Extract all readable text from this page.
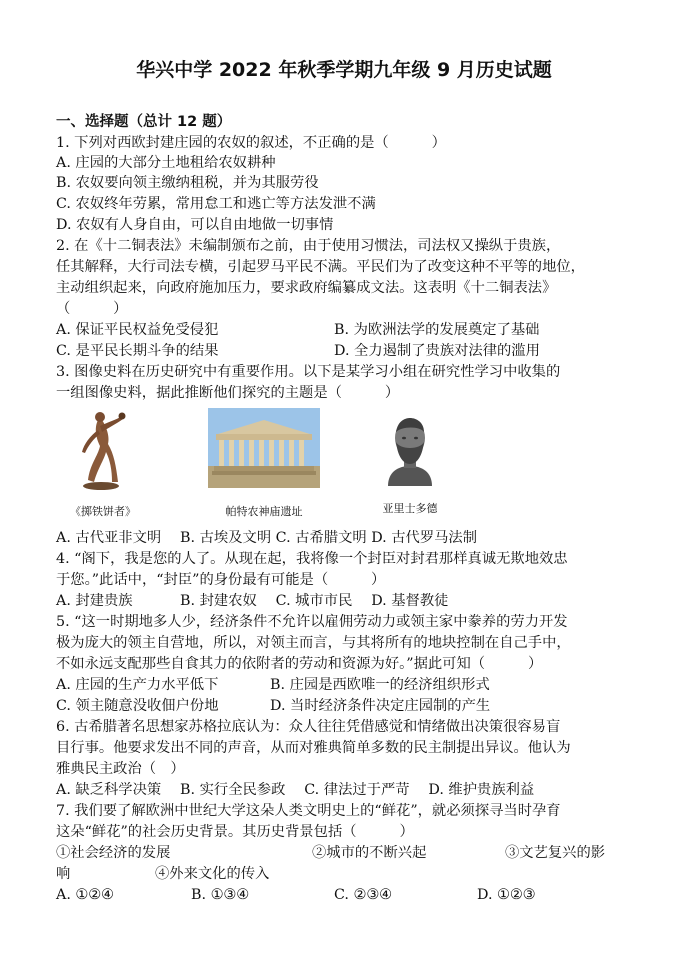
华兴中学 2022 年秋季学期九年级 9 月历史试题
一、选择题（总计 12 题）
1. 下列对西欧封建庄园的农奴的叙述，不正确的是（　　　）
A. 庄园的大部分土地租给农奴耕种
B. 农奴要向领主缴纳租税，并为其服劳役
C. 农奴终年劳累，常用怠工和逃亡等方法发泄不满
D. 农奴有人身自由，可以自由地做一切事情
2. 在《十二铜表法》未编制颁布之前，由于使用习惯法，司法权又操纵于贵族，
任其解释，大行司法专横，引起罗马平民不满。平民们为了改变这种不平等的地位，
主动组织起来，向政府施加压力，要求政府编纂成文法。这表明《十二铜表法》
（　　　）
A. 保证平民权益免受侵犯	B. 为欧洲法学的发展奠定了基础
C. 是平民长期斗争的结果	D. 全力遏制了贵族对法律的滥用
3. 图像史料在历史研究中有重要作用。以下是某学习小组在研究性学习中收集的
一组图像史料，据此推断他们探究的主题是（　　　）
《掷铁饼者》	帕特农神庙遗址	亚里士多德
A. 古代亚非文明　 B. 古埃及文明 C. 古希腊文明 D. 古代罗马法制
4. “阁下，我是您的人了。从现在起，我将像一个封臣对封君那样真诚无欺地效忠
于您。”此话中，“封臣”的身份最有可能是（　　　）
A. 封建贵族　　　 B. 封建农奴　 C. 城市市民　 D. 基督教徒
5. “这一时期地多人少，经济条件不允许以雇佣劳动力或领主家中豢养的劳力开发
极为庞大的领主自营地，所以，对领主而言，与其将所有的地块控制在自己手中，
不如永远支配那些自食其力的依附者的劳动和资源为好。”据此可知（　　　）
A. 庄园的生产力水平低下	B. 庄园是西欧唯一的经济组织形式
C. 领主随意没收佃户份地	D. 当时经济条件决定庄园制的产生
6. 古希腊著名思想家苏格拉底认为：众人往往凭借感觉和情绪做出决策很容易盲
目行事。他要求发出不同的声音，从而对雅典简单多数的民主制提出异议。他认为
雅典民主政治（　）
A. 缺乏科学决策　 B. 实行全民参政　 C. 律法过于严苛　 D. 维护贵族利益
7. 我们要了解欧洲中世纪大学这朵人类文明史上的“鲜花”，就必须探寻当时孕育
这朵“鲜花”的社会历史背景。其历史背景包括（　　　）
①社会经济的发展	②城市的不断兴起	③文艺复兴的影
响	④外来文化的传入
A. ①②④	B. ①③④	C. ②③④	D. ①②③
